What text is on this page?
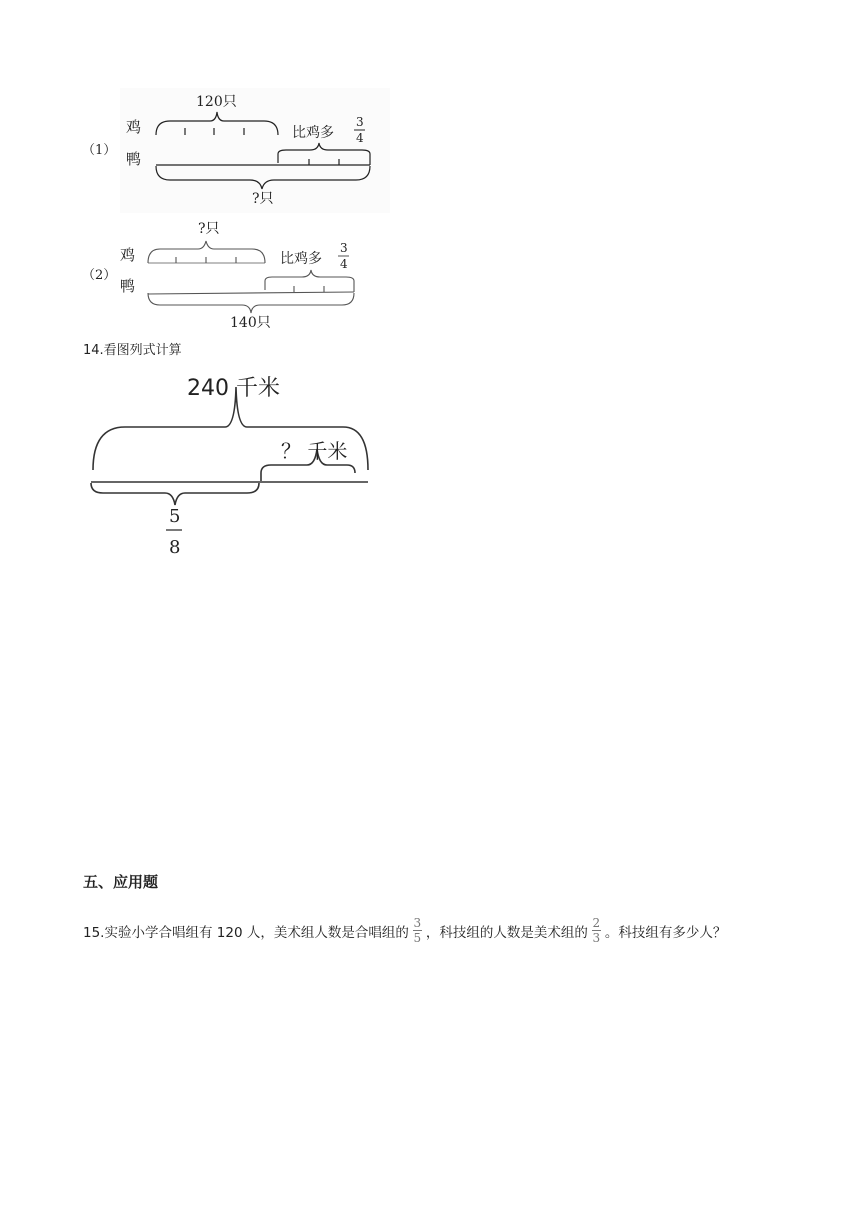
（1）
鸡
鸭
120只
比鸡多
3
4
?只
（2）
鸡
鸭
?只
比鸡多
3
4
140只
14.看图列式计算
240 千米
？ 千米
5
8
五、应用题
15.实验小学合唱组有 120 人，美术组人数是合唱组的 $\frac{3}{5}$ ，科技组的人数是美术组的 $\frac{2}{3}$ 。科技组有多少人？
